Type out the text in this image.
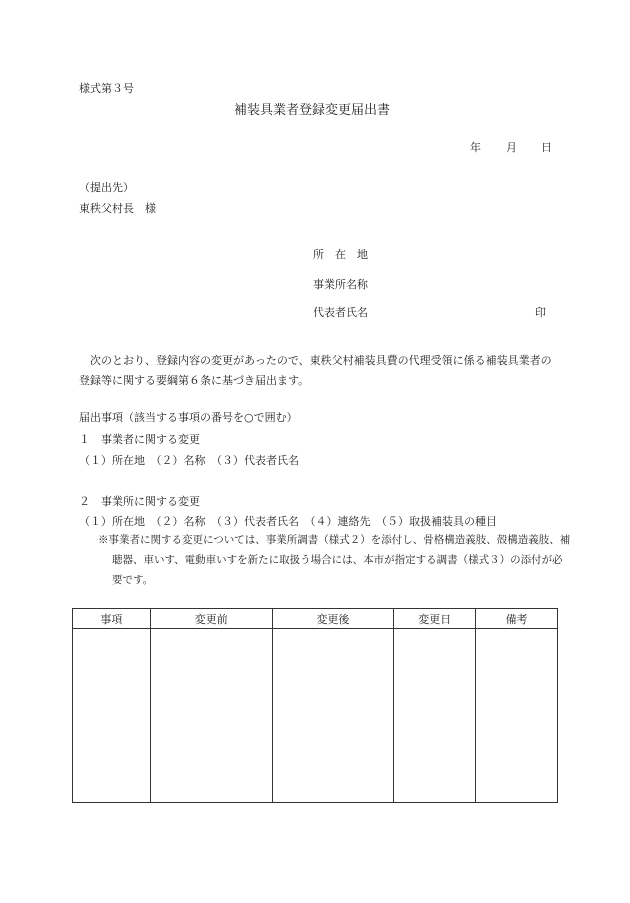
様式第３号
補装具業者登録変更届出書
年 月 日
（提出先）
東秩父村長　様
所　在　地
事業所名称
代表者氏名	印
次のとおり、登録内容の変更があったので、東秩父村補装具費の代理受領に係る補装具業者の登録等に関する要綱第６条に基づき届出ます。
届出事項（該当する事項の番号を○で囲む）
１　事業者に関する変更
（１）所在地　（２）名称　（３）代表者氏名
２　事業所に関する変更
（１）所在地　（２）名称　（３）代表者氏名　（４）連絡先　（５）取扱補装具の種目
※事業者に関する変更については、事業所調書（様式２）を添付し、骨格構造義肢、殻構造義肢、補聴器、車いす、電動車いすを新たに取扱う場合には、本市が指定する調書（様式３）の添付が必要です。
事項	変更前	変更後	変更日	備考
